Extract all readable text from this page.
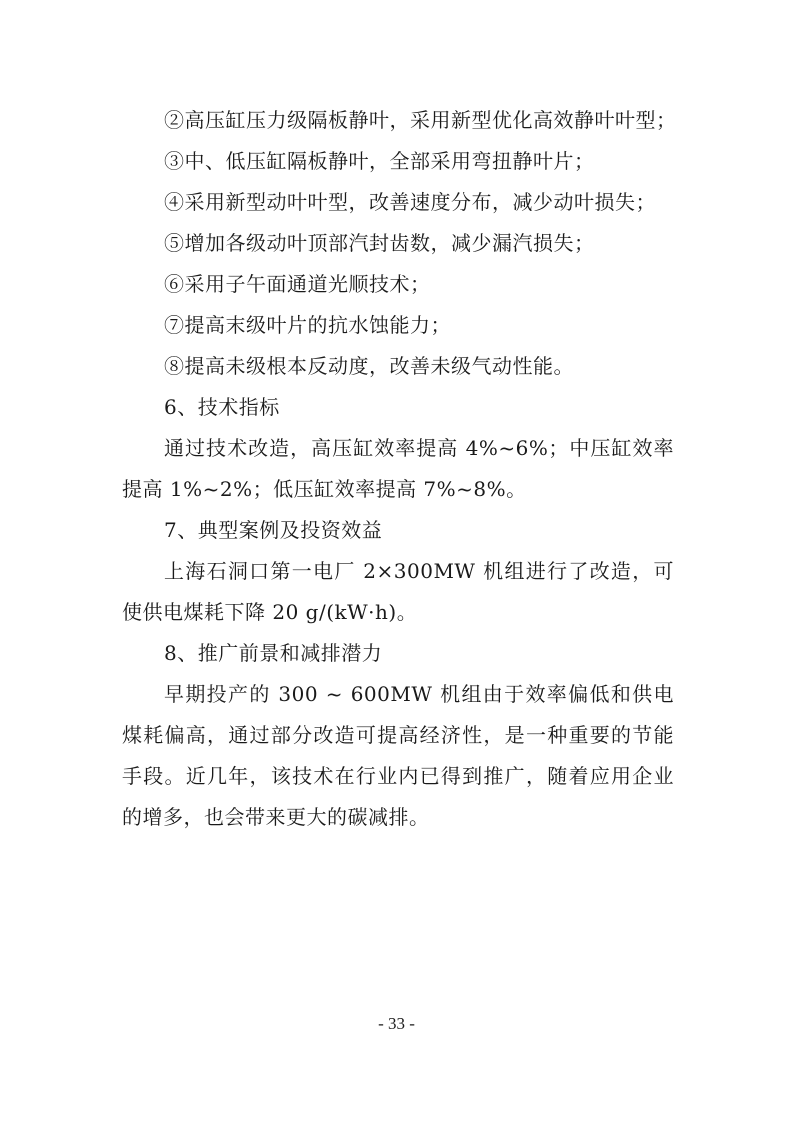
②高压缸压力级隔板静叶，采用新型优化高效静叶叶型；
③中、低压缸隔板静叶，全部采用弯扭静叶片；
④采用新型动叶叶型，改善速度分布，减少动叶损失；
⑤增加各级动叶顶部汽封齿数，减少漏汽损失；
⑥采用子午面通道光顺技术；
⑦提高末级叶片的抗水蚀能力；
⑧提高未级根本反动度，改善未级气动性能。
6、技术指标
通过技术改造，高压缸效率提高 4%~6%；中压缸效率提高 1%~2%；低压缸效率提高 7%~8%。
7、典型案例及投资效益
上海石洞口第一电厂 2×300MW 机组进行了改造，可使供电煤耗下降 20 g/(kW·h)。
8、推广前景和减排潜力
早期投产的 300 ~ 600MW 机组由于效率偏低和供电煤耗偏高，通过部分改造可提高经济性，是一种重要的节能手段。近几年，该技术在行业内已得到推广，随着应用企业的增多，也会带来更大的碳减排。
- 33 -
